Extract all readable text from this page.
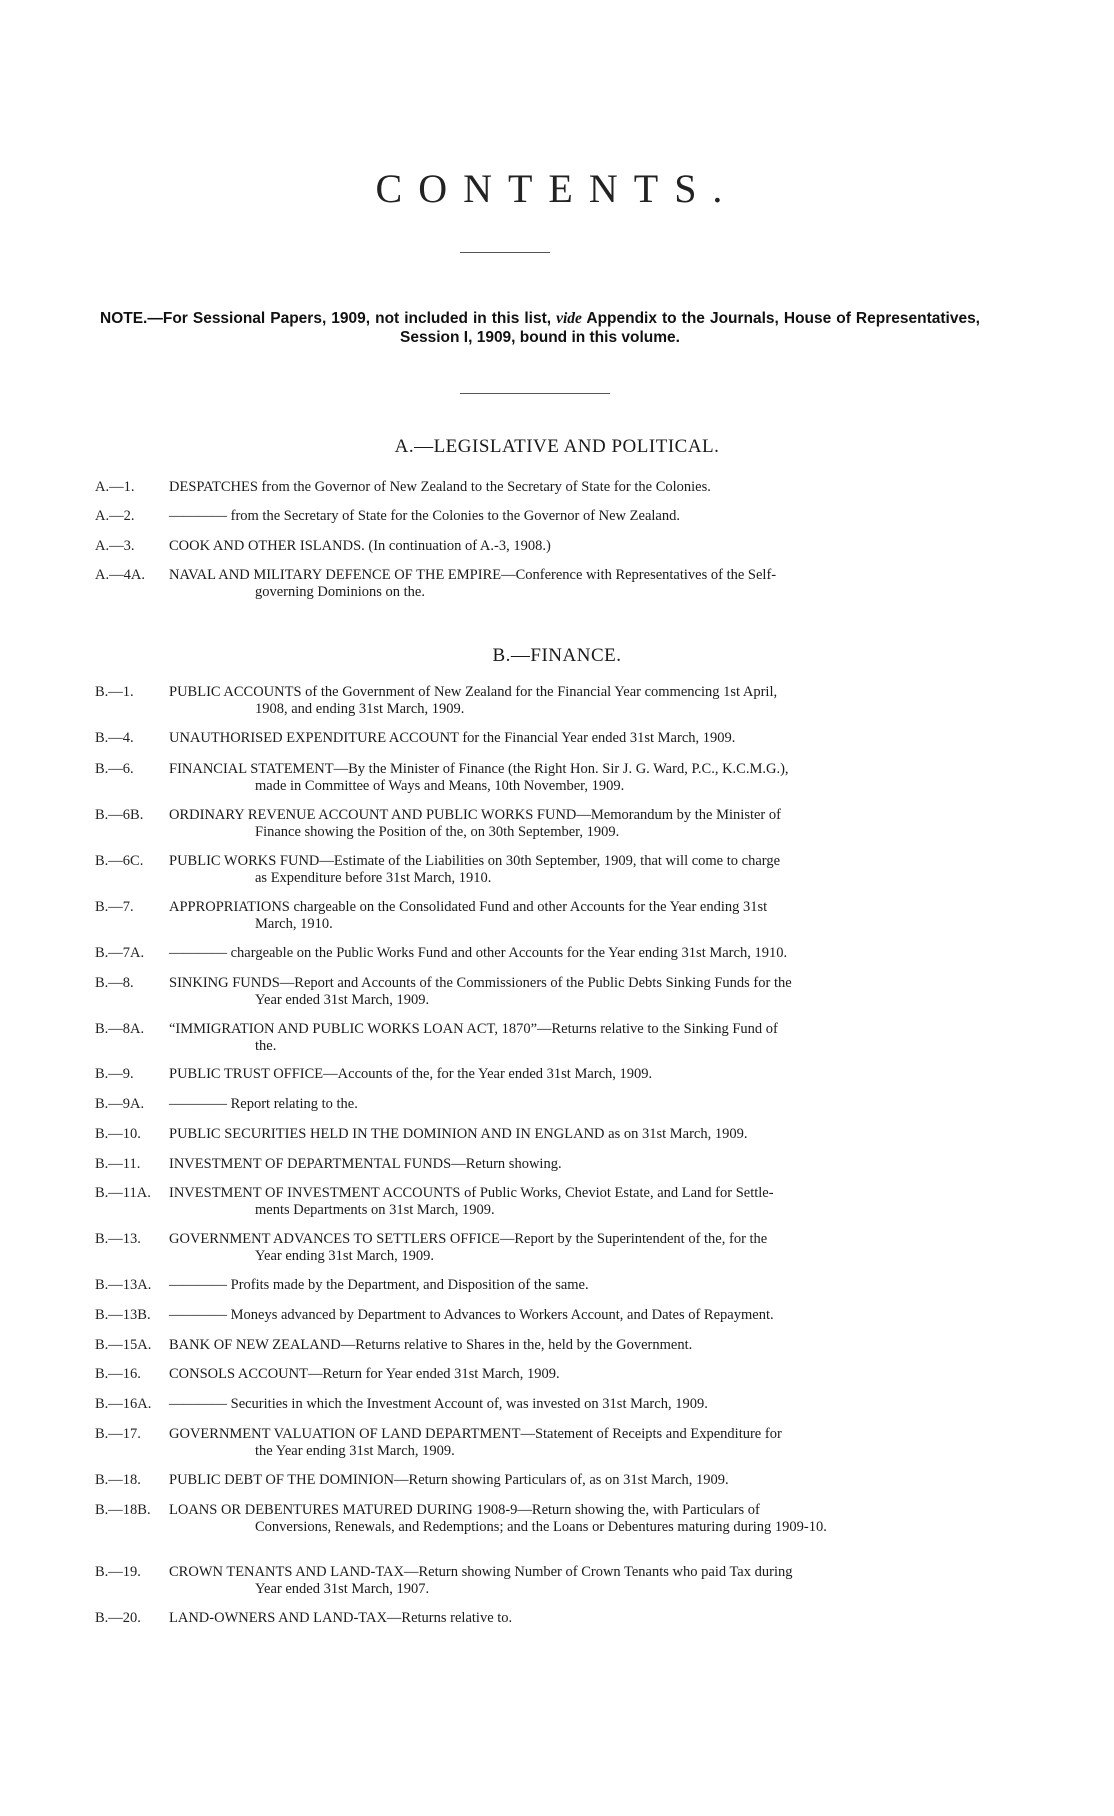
CONTENTS.
NOTE.—For Sessional Papers, 1909, not included in this list, vide Appendix to the Journals, House of Representatives, Session I, 1909, bound in this volume.
A.—LEGISLATIVE AND POLITICAL.
A.—1.	DESPATCHES from the Governor of New Zealand to the Secretary of State for the Colonies.
A.—2.	———— from the Secretary of State for the Colonies to the Governor of New Zealand.
A.—3.	COOK AND OTHER ISLANDS. (In continuation of A.-3, 1908.)
A.—4A.	NAVAL AND MILITARY DEFENCE OF THE EMPIRE—Conference with Representatives of the Self-
governing Dominions on the.
B.—FINANCE.
B.—1.	PUBLIC ACCOUNTS of the Government of New Zealand for the Financial Year commencing 1st April,
1908, and ending 31st March, 1909.
B.—4.	UNAUTHORISED EXPENDITURE ACCOUNT for the Financial Year ended 31st March, 1909.
B.—6.	FINANCIAL STATEMENT—By the Minister of Finance (the Right Hon. Sir J. G. Ward, P.C., K.C.M.G.),
made in Committee of Ways and Means, 10th November, 1909.
B.—6B.	ORDINARY REVENUE ACCOUNT AND PUBLIC WORKS FUND—Memorandum by the Minister of
Finance showing the Position of the, on 30th September, 1909.
B.—6C.	PUBLIC WORKS FUND—Estimate of the Liabilities on 30th September, 1909, that will come to charge
as Expenditure before 31st March, 1910.
B.—7.	APPROPRIATIONS chargeable on the Consolidated Fund and other Accounts for the Year ending 31st
March, 1910.
B.—7A.	———— chargeable on the Public Works Fund and other Accounts for the Year ending 31st March, 1910.
B.—8.	SINKING FUNDS—Report and Accounts of the Commissioners of the Public Debts Sinking Funds for the
Year ended 31st March, 1909.
B.—8A.	“IMMIGRATION AND PUBLIC WORKS LOAN ACT, 1870”—Returns relative to the Sinking Fund of
the.
B.—9.	PUBLIC TRUST OFFICE—Accounts of the, for the Year ended 31st March, 1909.
B.—9A.	———— Report relating to the.
B.—10.	PUBLIC SECURITIES HELD IN THE DOMINION AND IN ENGLAND as on 31st March, 1909.
B.—11.	INVESTMENT OF DEPARTMENTAL FUNDS—Return showing.
B.—11A.	INVESTMENT OF INVESTMENT ACCOUNTS of Public Works, Cheviot Estate, and Land for Settle-
ments Departments on 31st March, 1909.
B.—13.	GOVERNMENT ADVANCES TO SETTLERS OFFICE—Report by the Superintendent of the, for the
Year ending 31st March, 1909.
B.—13A.	———— Profits made by the Department, and Disposition of the same.
B.—13B.	———— Moneys advanced by Department to Advances to Workers Account, and Dates of Repayment.
B.—15A.	BANK OF NEW ZEALAND—Returns relative to Shares in the, held by the Government.
B.—16.	CONSOLS ACCOUNT—Return for Year ended 31st March, 1909.
B.—16A.	———— Securities in which the Investment Account of, was invested on 31st March, 1909.
B.—17.	GOVERNMENT VALUATION OF LAND DEPARTMENT—Statement of Receipts and Expenditure for
the Year ending 31st March, 1909.
B.—18.	PUBLIC DEBT OF THE DOMINION—Return showing Particulars of, as on 31st March, 1909.
B.—18B.	LOANS OR DEBENTURES MATURED DURING 1908-9—Return showing the, with Particulars of
Conversions, Renewals, and Redemptions; and the Loans or Debentures maturing during 1909-10.
B.—19.	CROWN TENANTS AND LAND-TAX—Return showing Number of Crown Tenants who paid Tax during
Year ended 31st March, 1907.
B.—20.	LAND-OWNERS AND LAND-TAX—Returns relative to.
